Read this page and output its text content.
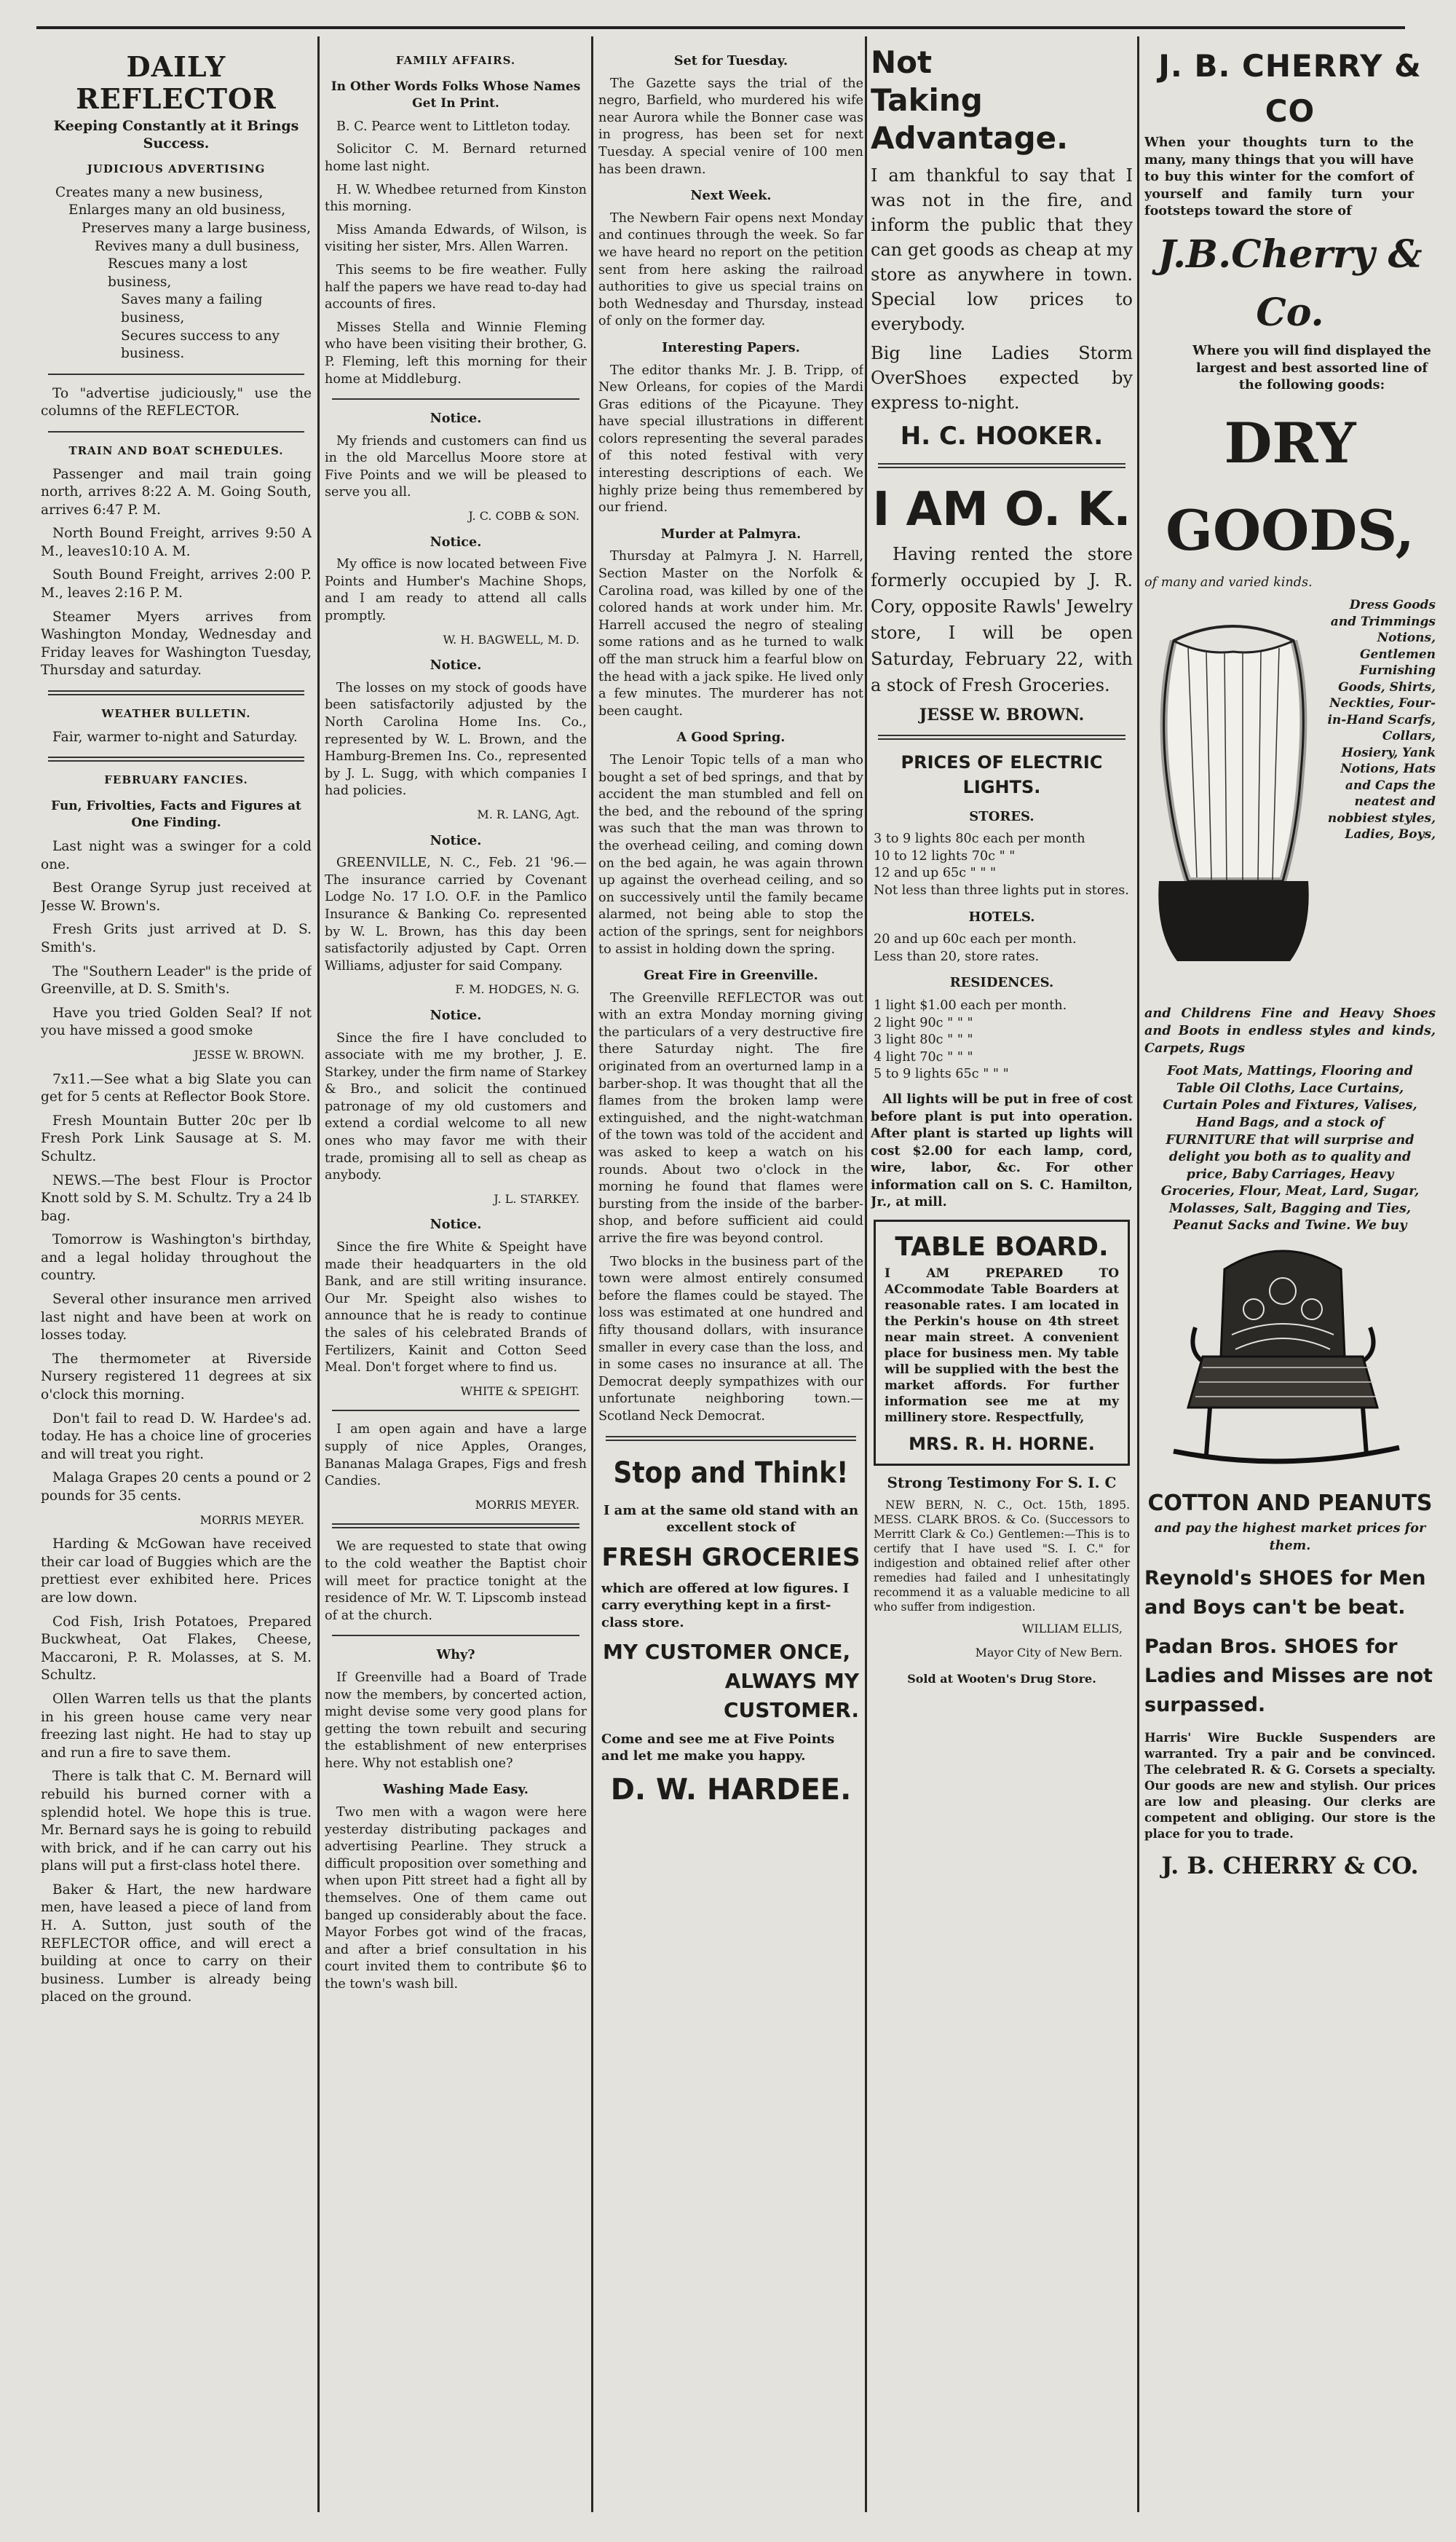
DAILY REFLECTOR
Keeping Constantly at it Brings Success.
JUDICIOUS ADVERTISING

Creates many a new business,

Enlarges many an old business,

Preserves many a large business,

Revives many a dull business,

Rescues many a lost business,

Saves many a failing business,

Secures success to any business.

To "advertise judiciously," use the columns of the REFLECTOR.

TRAIN AND BOAT SCHEDULES.

Passenger and mail train going north, arrives 8:22 A. M. Going South, arrives 6:47 P. M.

North Bound Freight, arrives 9:50 A M., leaves10:10 A. M.

South Bound Freight, arrives 2:00 P. M., leaves 2:16 P. M.

Steamer Myers arrives from Washington Monday, Wednesday and Friday leaves for Washington Tuesday, Thursday and saturday.

WEATHER BULLETIN.

Fair, warmer to-night and Saturday.

FEBRUARY FANCIES.
Fun, Frivolties, Facts and Figures at One Finding.

Last night was a swinger for a cold one.

Best Orange Syrup just received at Jesse W. Brown's.

Fresh Grits just arrived at D. S. Smith's.

The "Southern Leader" is the pride of Greenville, at D. S. Smith's.

Have you tried Golden Seal? If not you have missed a good smoke

JESSE W. BROWN.

7x11.—See what a big Slate you can get for 5 cents at Reflector Book Store.

Fresh Mountain Butter 20c per lb Fresh Pork Link Sausage at S. M. Schultz.

NEWS.—The best Flour is Proctor Knott sold by S. M. Schultz. Try a 24 lb bag.

Tomorrow is Washington's birthday, and a legal holiday throughout the country.

Several other insurance men arrived last night and have been at work on losses today.

The thermometer at Riverside Nursery registered 11 degrees at six o'clock this morning.

Don't fail to read D. W. Hardee's ad. today. He has a choice line of groceries and will treat you right.

Malaga Grapes 20 cents a pound or 2 pounds for 35 cents.

MORRIS MEYER.

Harding & McGowan have received their car load of Buggies which are the prettiest ever exhibited here. Prices are low down.

Cod Fish, Irish Potatoes, Prepared Buckwheat, Oat Flakes, Cheese, Maccaroni, P. R. Molasses, at S. M. Schultz.

Ollen Warren tells us that the plants in his green house came very near freezing last night. He had to stay up and run a fire to save them.

There is talk that C. M. Bernard will rebuild his burned corner with a splendid hotel. We hope this is true. Mr. Bernard says he is going to rebuild with brick, and if he can carry out his plans will put a first-class hotel there.

Baker & Hart, the new hardware men, have leased a piece of land from H. A. Sutton, just south of the REFLECTOR office, and will erect a building at once to carry on their business. Lumber is already being placed on the ground.

FAMILY AFFAIRS.
In Other Words Folks Whose Names Get In Print.

B. C. Pearce went to Littleton today.

Solicitor C. M. Bernard returned home last night.

H. W. Whedbee returned from Kinston this morning.

Miss Amanda Edwards, of Wilson, is visiting her sister, Mrs. Allen Warren.

This seems to be fire weather. Fully half the papers we have read to-day had accounts of fires.

Misses Stella and Winnie Fleming who have been visiting their brother, G. P. Fleming, left this morning for their home at Middleburg.

Notice.

My friends and customers can find us in the old Marcellus Moore store at Five Points and we will be pleased to serve you all.

J. C. COBB & SON.
Notice.

My office is now located between Five Points and Humber's Machine Shops, and I am ready to attend all calls promptly.

W. H. BAGWELL, M. D.
Notice.

The losses on my stock of goods have been satisfactorily adjusted by the North Carolina Home Ins. Co., represented by W. L. Brown, and the Hamburg-Bremen Ins. Co., represented by J. L. Sugg, with which companies I had policies.

M. R. LANG, Agt.
Notice.

GREENVILLE, N. C., Feb. 21 '96.—The insurance carried by Covenant Lodge No. 17 I.O. O.F. in the Pamlico Insurance & Banking Co. represented by W. L. Brown, has this day been satisfactorily adjusted by Capt. Orren Williams, adjuster for said Company.

F. M. HODGES, N. G.
Notice.

Since the fire I have concluded to associate with me my brother, J. E. Starkey, under the firm name of Starkey & Bro., and solicit the continued patronage of my old customers and extend a cordial welcome to all new ones who may favor me with their trade, promising all to sell as cheap as anybody.

J. L. STARKEY.
Notice.

Since the fire White & Speight have made their headquarters in the old Bank, and are still writing insurance. Our Mr. Speight also wishes to announce that he is ready to continue the sales of his celebrated Brands of Fertilizers, Kainit and Cotton Seed Meal. Don't forget where to find us.

WHITE & SPEIGHT.

I am open again and have a large supply of nice Apples, Oranges, Bananas Malaga Grapes, Figs and fresh Candies.

MORRIS MEYER.

We are requested to state that owing to the cold weather the Baptist choir will meet for practice tonight at the residence of Mr. W. T. Lipscomb instead of at the church.

Why?

If Greenville had a Board of Trade now the members, by concerted action, might devise some very good plans for getting the town rebuilt and securing the establishment of new enterprises here. Why not establish one?

Washing Made Easy.

Two men with a wagon were here yesterday distributing packages and advertising Pearline. They struck a difficult proposition over something and when upon Pitt street had a fight all by themselves. One of them came out banged up considerably about the face. Mayor Forbes got wind of the fracas, and after a brief consultation in his court invited them to contribute $6 to the town's wash bill.

Set for Tuesday.

The Gazette says the trial of the negro, Barfield, who murdered his wife near Aurora while the Bonner case was in progress, has been set for next Tuesday. A special venire of 100 men has been drawn.

Next Week.

The Newbern Fair opens next Monday and continues through the week. So far we have heard no report on the petition sent from here asking the railroad authorities to give us special trains on both Wednesday and Thursday, instead of only on the former day.

Interesting Papers.

The editor thanks Mr. J. B. Tripp, of New Orleans, for copies of the Mardi Gras editions of the Picayune. They have special illustrations in different colors representing the several parades of this noted festival with very interesting descriptions of each. We highly prize being thus remembered by our friend.

Murder at Palmyra.

Thursday at Palmyra J. N. Harrell, Section Master on the Norfolk & Carolina road, was killed by one of the colored hands at work under him. Mr. Harrell accused the negro of stealing some rations and as he turned to walk off the man struck him a fearful blow on the head with a jack spike. He lived only a few minutes. The murderer has not been caught.

A Good Spring.

The Lenoir Topic tells of a man who bought a set of bed springs, and that by accident the man stumbled and fell on the bed, and the rebound of the spring was such that the man was thrown to the overhead ceiling, and coming down on the bed again, he was again thrown up against the overhead ceiling, and so on successively until the family became alarmed, not being able to stop the action of the springs, sent for neighbors to assist in holding down the spring.

Great Fire in Greenville.

The Greenville REFLECTOR was out with an extra Monday morning giving the particulars of a very destructive fire there Saturday night. The fire originated from an overturned lamp in a barber-shop. It was thought that all the flames from the broken lamp were extinguished, and the night-watchman of the town was told of the accident and was asked to keep a watch on his rounds. About two o'clock in the morning he found that flames were bursting from the inside of the barber-shop, and before sufficient aid could arrive the fire was beyond control.

Two blocks in the business part of the town were almost entirely consumed before the flames could be stayed. The loss was estimated at one hundred and fifty thousand dollars, with insurance smaller in every case than the loss, and in some cases no insurance at all. The Democrat deeply sympathizes with our unfortunate neighboring town.—Scotland Neck Democrat.

Stop and Think!
I am at the same old stand with an excellent stock of
FRESH GROCERIES

which are offered at low figures. I carry everything kept in a first-class store.

MY CUSTOMER ONCE,
ALWAYS MY CUSTOMER.

Come and see me at Five Points and let me make you happy.

D. W. HARDEE.
Not
Taking
Advantage.

I am thankful to say that I was not in the fire, and inform the public that they can get goods as cheap at my store as anywhere in town. Special low prices to everybody.

Big line Ladies Storm OverShoes expected by express to-night.

H. C. HOOKER.
I AM O. K.

Having rented the store formerly occupied by J. R. Cory, opposite Rawls' Jewelry store, I will be open Saturday, February 22, with a stock of Fresh Groceries.

JESSE W. BROWN.
PRICES OF ELECTRIC LIGHTS.
STORES.

3 to 9 lights 80c each per month

10 to 12 lights 70c " "

12 and up 65c " " "

Not less than three lights put in stores.

HOTELS.

20 and up 60c each per month.

Less than 20, store rates.

RESIDENCES.

1 light $1.00 each per month.

2 light 90c " " "

3 light 80c " " "

4 light 70c " " "

5 to 9 lights 65c " " "

All lights will be put in free of cost before plant is put into operation. After plant is started up lights will cost $2.00 for each lamp, cord, wire, labor, &c. For other information call on S. C. Hamilton, Jr., at mill.

TABLE BOARD.

I AM PREPARED TO ACcommodate Table Boarders at reasonable rates. I am located in the Perkin's house on 4th street near main street. A convenient place for business men. My table will be supplied with the best the market affords. For further information see me at my millinery store. Respectfully,

MRS. R. H. HORNE.
Strong Testimony For S. I. C

NEW BERN, N. C., Oct. 15th, 1895. MESS. CLARK BROS. & Co. (Successors to Merritt Clark & Co.) Gentlemen:—This is to certify that I have used "S. I. C." for indigestion and obtained relief after other remedies had failed and I unhesitatingly recommend it as a valuable medicine to all who suffer from indigestion.

WILLIAM ELLIS,
Mayor City of New Bern.
Sold at Wooten's Drug Store.
J. B. CHERRY & CO

When your thoughts turn to the many, many things that you will have to buy this winter for the comfort of yourself and family turn your footsteps toward the store of

J.B.Cherry & Co.

Where you will find displayed the largest and best assorted line of the following goods:

DRY GOODS,

of many and varied kinds.

Dress Goods and Trimmings Notions, Gentlemen Furnishing Goods, Shirts, Neckties, Four-in-Hand Scarfs, Collars, Hosiery, Yank Notions, Hats and Caps the neatest and nobbiest styles, Ladies, Boys,

and Childrens Fine and Heavy Shoes and Boots in endless styles and kinds, Carpets, Rugs

Foot Mats, Mattings, Flooring and Table Oil Cloths, Lace Curtains, Curtain Poles and Fixtures, Valises, Hand Bags, and a stock of FURNITURE that will surprise and delight you both as to quality and price, Baby Carriages, Heavy Groceries, Flour, Meat, Lard, Sugar, Molasses, Salt, Bagging and Ties, Peanut Sacks and Twine. We buy

COTTON AND PEANUTS

and pay the highest market prices for them.

Reynold's SHOES for Men and Boys can't be beat.

Padan Bros. SHOES for Ladies and Misses are not surpassed.

Harris' Wire Buckle Suspenders are warranted. Try a pair and be convinced. The celebrated R. & G. Corsets a specialty. Our goods are new and stylish. Our prices are low and pleasing. Our clerks are competent and obliging. Our store is the place for you to trade.

J. B. CHERRY & CO.
